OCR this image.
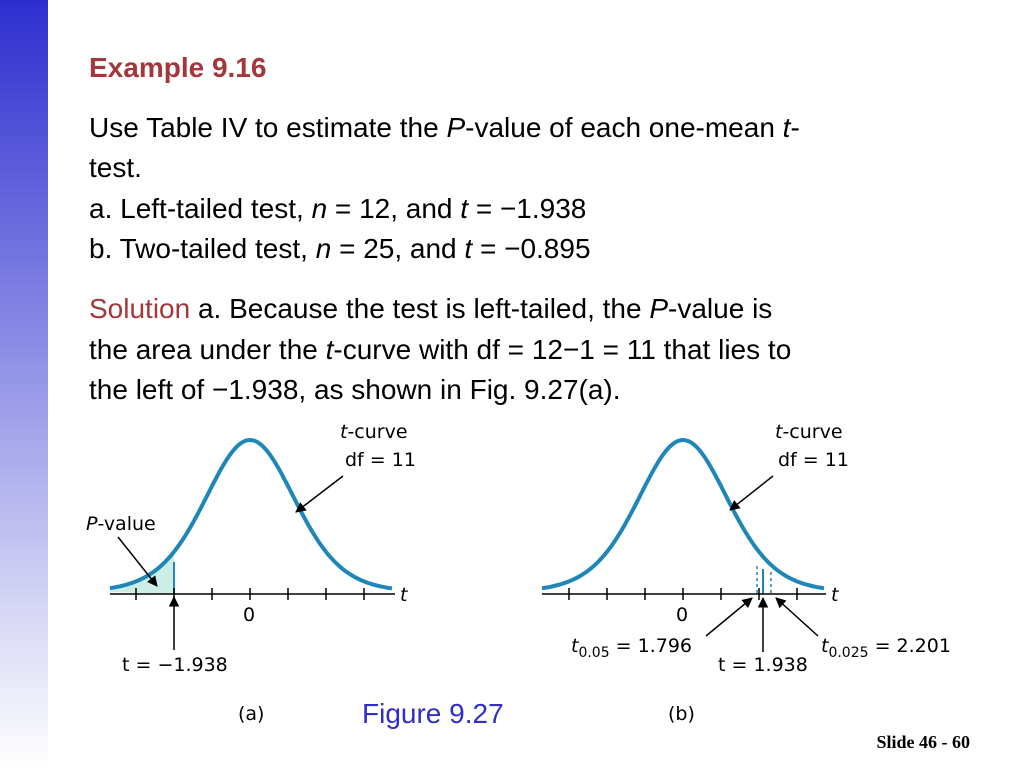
Example 9.16
Use Table IV to estimate the P-value of each one-mean t-
test.
a. Left-tailed test, n = 12, and t = −1.938
b. Two-tailed test, n = 25, and t = −0.895
Solution a. Because the test is left-tailed, the P-value is
the area under the t-curve with df = 12−1 = 11 that lies to
the left of −1.938, as shown in Fig. 9.27(a).
t
0
t-curve
df = 11
P-value
t = −1.938
(a)
t
0
t-curve
df = 11
$t_{0.05} = 1.796$
t = 1.938
$t_{0.025} = 2.201$
(b)
Figure 9.27
Slide 46 - 60
